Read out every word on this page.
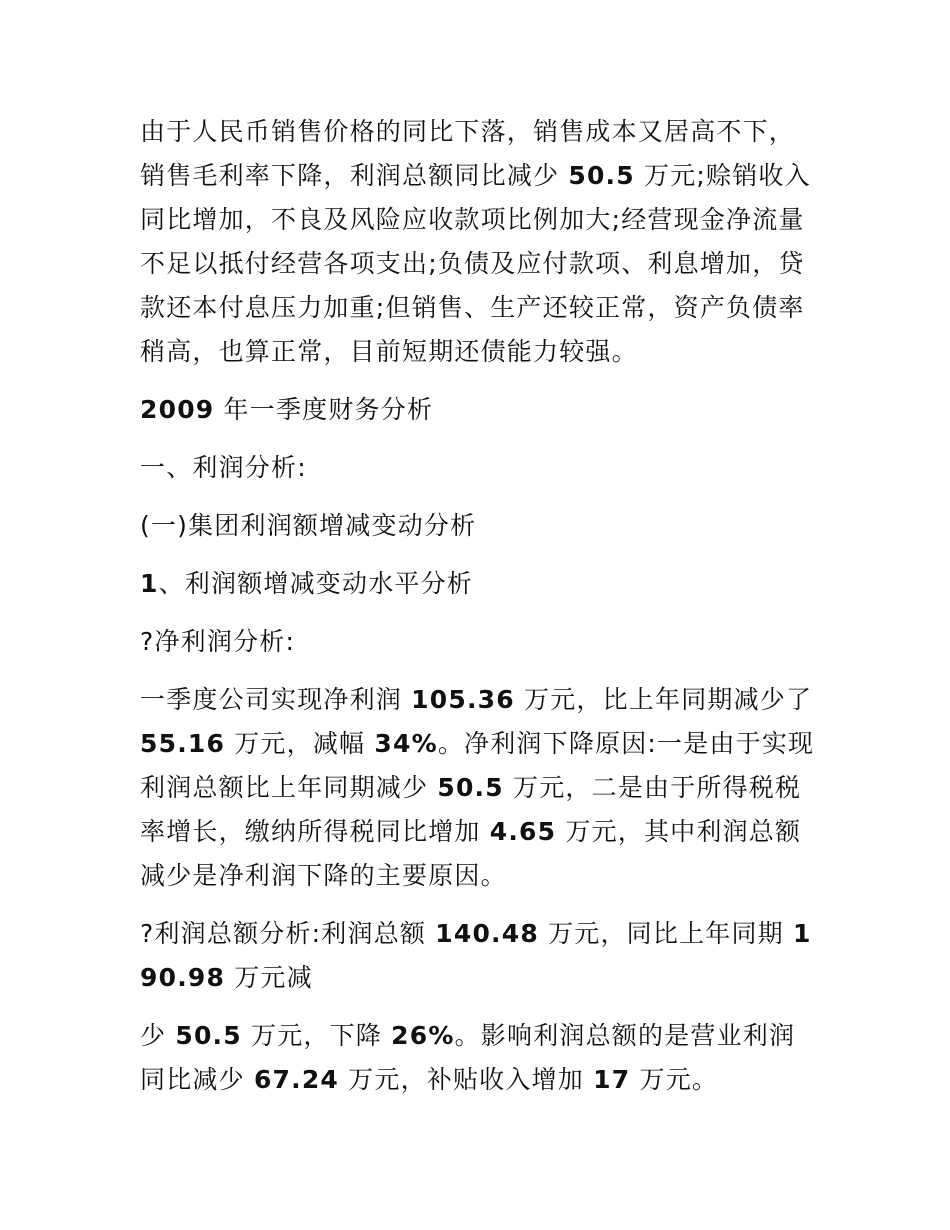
由于人民币销售价格的同比下落，销售成本又居高不下，销售毛利率下降，利润总额同比减少 50.5 万元;赊销收入同比增加，不良及风险应收款项比例加大;经营现金净流量不足以抵付经营各项支出;负债及应付款项、利息增加，贷款还本付息压力加重;但销售、生产还较正常，资产负债率稍高，也算正常，目前短期还债能力较强。

2009 年一季度财务分析

一、利润分析:

(一)集团利润额增减变动分析

1、利润额增减变动水平分析

?净利润分析:

一季度公司实现净利润 105.36 万元，比上年同期减少了 55.16 万元，减幅 34%。净利润下降原因:一是由于实现利润总额比上年同期减少 50.5 万元，二是由于所得税税率增长，缴纳所得税同比增加 4.65 万元，其中利润总额减少是净利润下降的主要原因。

?利润总额分析:利润总额 140.48 万元，同比上年同期 190.98 万元减

少 50.5 万元，下降 26%。影响利润总额的是营业利润同比减少 67.24 万元，补贴收入增加 17 万元。
